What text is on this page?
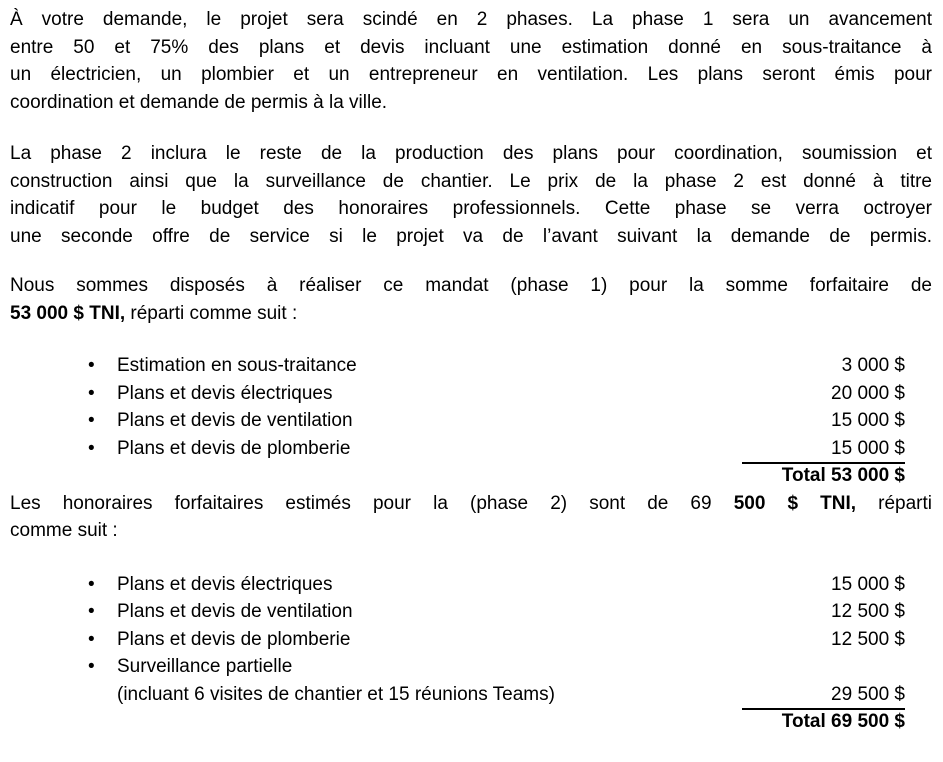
À votre demande, le projet sera scindé en 2 phases. La phase 1 sera un avancement
entre 50 et 75% des plans et devis incluant une estimation donné en sous-traitance à
un électricien, un plombier et un entrepreneur en ventilation. Les plans seront émis pour
coordination et demande de permis à la ville.
La phase 2 inclura le reste de la production des plans pour coordination, soumission et
construction ainsi que la surveillance de chantier. Le prix de la phase 2 est donné à titre
indicatif pour le budget des honoraires professionnels. Cette phase se verra octroyer
une seconde offre de service si le projet va de l’avant suivant la demande de permis.
Nous sommes disposés à réaliser ce mandat (phase 1) pour la somme forfaitaire de
53 000 $ TNI, réparti comme suit :
•	Estimation en sous-traitance	3 000 $
•	Plans et devis électriques	20 000 $
•	Plans et devis de ventilation	15 000 $
•	Plans et devis de plomberie	15 000 $
Total 53 000 $
Les honoraires forfaitaires estimés pour la (phase 2) sont de 69 500 $ TNI, réparti
comme suit :
•	Plans et devis électriques	15 000 $
•	Plans et devis de ventilation	12 500 $
•	Plans et devis de plomberie	12 500 $
•	Surveillance partielle
(incluant 6 visites de chantier et 15 réunions Teams)	29 500 $
Total 69 500 $
